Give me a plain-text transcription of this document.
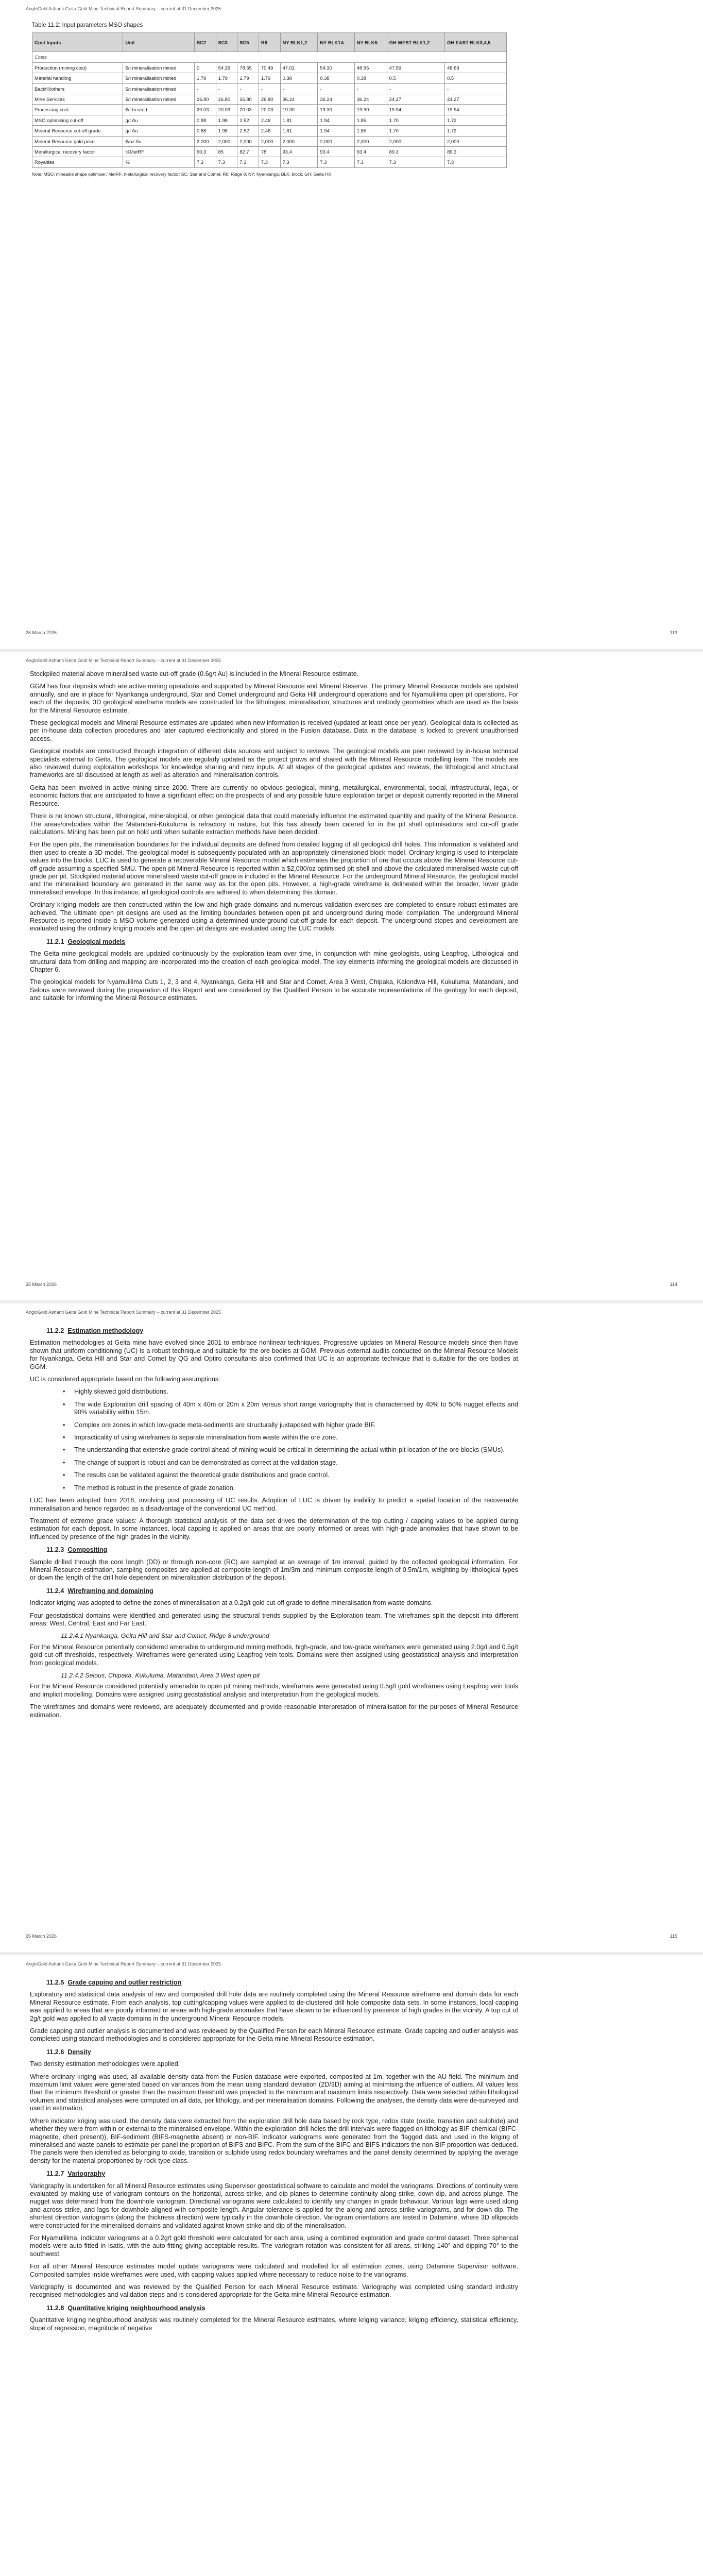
AngloGold Ashanti Geita Gold Mine Technical Report Summary – current at 31 December 2025
Table 11.2: Input parameters MSO shapes
Cost Inputs	Unit	SC2	SC3	SC5	R6	NY BLK1,2	NY BLK1A	NY BLK5	GH WEST BLK1,2	GH EAST BLK3,4,5
Costs										
Production (mining cost)	$/t mineralisation mined	0	54.39	78.55	70.49	47.02	54.30	48.95	47.59	48.69
Material handling	$/t mineralisation mined	1.79	1.79	1.79	1.79	0.38	0.38	0.38	0.5	0.5
Backfill/others	$/t mineralisation mined	-	-	-	-	-	-	-	-	-
Mine Services	$/t mineralisation mined	26.80	26.80	26.80	26.80	36.24	36.24	36.24	24.27	24.27
Processing cost	$/t treated	20.03	20.03	20.03	20.03	19.30	19.30	19.30	19.94	19.94
MSO optimising cut-off	g/t Au	0.88	1.98	2.52	2.46	1.81	1.94	1.85	1.70	1.72
Mineral Resource cut-off grade	g/t Au	0.88	1.98	2.52	2.46	1.81	1.94	1.85	1.70	1.72
Mineral Resource gold price	$/oz Au	2,000	2,000	2,000	2,000	2,000	2,000	2,000	2,000	2,000
Metallurgical recovery factor	%MetRF	90.3	85	82.7	78	93.4	93.4	93.4	89.3	89.3
Royalties	%	7.3	7.3	7.3	7.3	7.3	7.3	7.3	7.3	7.3
Note: MSO: mineable shape optimiser; MetRF: metallurgical recovery factor; SC: Star and Comet; R6: Ridge 8; NY: Nyankanga; BLK: block; GH: Geita Hill.
26 March 2026	113
AngloGold Ashanti Geita Gold Mine Technical Report Summary – current at 31 December 2025

Stockpiled material above mineralised waste cut-off grade (0.6g/t Au) is included in the Mineral Resource estimate.

GGM has four deposits which are active mining operations and supported by Mineral Resource and Mineral Reserve. The primary Mineral Resource models are updated annually, and are in place for Nyankanga underground, Star and Comet underground and Geita Hill underground operations and for Nyamulilima open pit operations. For each of the deposits, 3D geological wireframe models are constructed for the lithologies, mineralisation, structures and orebody geometries which are used as the basis for the Mineral Resource estimate.

These geological models and Mineral Resource estimates are updated when new information is received (updated at least once per year). Geological data is collected as per in-house data collection procedures and later captured electronically and stored in the Fusion database. Data in the database is locked to prevent unauthorised access.

Geological models are constructed through integration of different data sources and subject to reviews. The geological models are peer reviewed by in-house technical specialists external to Geita. The geological models are regularly updated as the project grows and shared with the Mineral Resource modelling team. The models are also reviewed during exploration workshops for knowledge sharing and new inputs. At all stages of the geological updates and reviews, the lithological and structural frameworks are all discussed at length as well as alteration and mineralisation controls.

Geita has been involved in active mining since 2000. There are currently no obvious geological, mining, metallurgical, environmental, social, infrastructural, legal, or economic factors that are anticipated to have a significant effect on the prospects of and any possible future exploration target or deposit currently reported in the Mineral Resource.

There is no known structural, lithological, mineralogical, or other geological data that could materially influence the estimated quantity and quality of the Mineral Resource. The areas/orebodies within the Matandani-Kukuluma is refractory in nature, but this has already been catered for in the pit shell optimisations and cut-off grade calculations. Mining has been put on hold until when suitable extraction methods have been decided.

For the open pits, the mineralisation boundaries for the individual deposits are defined from detailed logging of all geological drill holes. This information is validated and then used to create a 3D model. The geological model is subsequently populated with an appropriately dimensioned block model. Ordinary kriging is used to interpolate values into the blocks. LUC is used to generate a recoverable Mineral Resource model which estimates the proportion of ore that occurs above the Mineral Resource cut-off grade assuming a specified SMU. The open pit Mineral Resource is reported within a $2,000/oz optimised pit shell and above the calculated mineralised waste cut-off grade per pit. Stockpiled material above mineralised waste cut-off grade is included in the Mineral Resource. For the underground Mineral Resource, the geological model and the mineralised boundary are generated in the same way as for the open pits. However, a high-grade wireframe is delineated within the broader, lower grade mineralised envelope. In this instance, all geological controls are adhered to when determining this domain.

Ordinary kriging models are then constructed within the low and high-grade domains and numerous validation exercises are completed to ensure robust estimates are achieved. The ultimate open pit designs are used as the limiting boundaries between open pit and underground during model compilation. The underground Mineral Resource is reported inside a MSO volume generated using a determined underground cut-off grade for each deposit. The underground stopes and development are evaluated using the ordinary kriging models and the open pit designs are evaluated using the LUC models.

11.2.1 Geological models

The Geita mine geological models are updated continuously by the exploration team over time, in conjunction with mine geologists, using Leapfrog. Lithological and structural data from drilling and mapping are incorporated into the creation of each geological model. The key elements informing the geological models are discussed in Chapter 6.

The geological models for Nyamulilima Cuts 1, 2, 3 and 4, Nyankanga, Geita Hill and Star and Comet, Area 3 West, Chipaka, Kalondwa Hill, Kukuluma, Matandani, and Selous were reviewed during the preparation of this Report and are considered by the Qualified Person to be accurate representations of the geology for each deposit, and suitable for informing the Mineral Resource estimates.

26 March 2026	114
AngloGold Ashanti Geita Gold Mine Technical Report Summary – current at 31 December 2025
11.2.2 Estimation methodology

Estimation methodologies at Geita mine have evolved since 2001 to embrace nonlinear techniques. Progressive updates on Mineral Resource models since then have shown that uniform conditioning (UC) is a robust technique and suitable for the ore bodies at GGM. Previous external audits conducted on the Mineral Resource Models for Nyankanga, Geita Hill and Star and Comet by QG and Optiro consultants also confirmed that UC is an appropriate technique that is suitable for the ore bodies at GGM.

UC is considered appropriate based on the following assumptions:

• Highly skewed gold distributions.
• The wide Exploration drill spacing of 40m x 40m or 20m x 20m versus short range variography that is characterised by 40% to 50% nugget effects and 90% variability within 15m.
• Complex ore zones in which low-grade meta-sediments are structurally juxtaposed with higher grade BIF.
• Impracticality of using wireframes to separate mineralisation from waste within the ore zone.
• The understanding that extensive grade control ahead of mining would be critical in determining the actual within-pit location of the ore blocks (SMUs).
• The change of support is robust and can be demonstrated as correct at the validation stage.
• The results can be validated against the theoretical grade distributions and grade control.
• The method is robust in the presence of grade zonation.

LUC has been adopted from 2018, involving post processing of UC results. Adoption of LUC is driven by inability to predict a spatial location of the recoverable mineralisation and hence regarded as a disadvantage of the conventional UC method.

Treatment of extreme grade values: A thorough statistical analysis of the data set drives the determination of the top cutting / capping values to be applied during estimation for each deposit. In some instances, local capping is applied on areas that are poorly informed or areas with high-grade anomalies that have shown to be influenced by presence of the high grades in the vicinity.

11.2.3 Compositing

Sample drilled through the core length (DD) or through non-core (RC) are sampled at an average of 1m interval, guided by the collected geological information. For Mineral Resource estimation, sampling composites are applied at composite length of 1m/3m and minimum composite length of 0.5m/1m, weighting by lithological types or down the length of the drill hole dependent on mineralisation distribution of the deposit.

11.2.4 Wireframing and domaining

Indicator kriging was adopted to define the zones of mineralisation at a 0.2g/t gold cut-off grade to define mineralisation from waste domains.

Four geostatistical domains were identified and generated using the structural trends supplied by the Exploration team. The wireframes split the deposit into different areas: West, Central, East and Far East.

11.2.4.1 Nyankanga, Geita Hill and Star and Comet, Ridge 8 underground

For the Mineral Resource potentially considered amenable to underground mining methods, high-grade, and low-grade wireframes were generated using 2.0g/t and 0.5g/t gold cut-off thresholds, respectively. Wireframes were generated using Leapfrog vein tools. Domains were then assigned using geostatistical analysis and interpretation from geological models.

11.2.4.2 Selous, Chipaka, Kukuluma, Matandani, Area 3 West open pit

For the Mineral Resource considered potentially amenable to open pit mining methods, wireframes were generated using 0.5g/t gold wireframes using Leapfrog vein tools and implicit modelling. Domains were assigned using geostatistical analysis and interpretation from the geological models.

The wireframes and domains were reviewed, are adequately documented and provide reasonable interpretation of mineralisation for the purposes of Mineral Resource estimation.

26 March 2026	115
AngloGold Ashanti Geita Gold Mine Technical Report Summary – current at 31 December 2025
11.2.5 Grade capping and outlier restriction

Exploratory and statistical data analysis of raw and composited drill hole data are routinely completed using the Mineral Resource wireframe and domain data for each Mineral Resource estimate. From each analysis, top cutting/capping values were applied to de-clustered drill hole composite data sets. In some instances, local capping was applied to areas that are poorly informed or areas with high-grade anomalies that have shown to be influenced by presence of high grades in the vicinity. A top cut of 2g/t gold was applied to all waste domains in the underground Mineral Resource models.

Grade capping and outlier analysis is documented and was reviewed by the Qualified Person for each Mineral Resource estimate. Grade capping and outlier analysis was completed using standard methodologies and is considered appropriate for the Geita mine Mineral Resource estimation.

11.2.6 Density

Two density estimation methodologies were applied.

Where ordinary kriging was used, all available density data from the Fusion database were exported, composited at 1m, together with the AU field. The minimum and maximum limit values were generated based on variances from the mean using standard deviation (2D/3D) aiming at minimising the influence of outliers. All values less than the minimum threshold or greater than the maximum threshold was projected to the minimum and maximum limits respectively. Data were selected within lithological volumes and statistical analyses were computed on all data, per lithology, and per mineralisation domains. Following the analyses, the density data were de-surveyed and used in estimation.

Where indicator kriging was used, the density data were extracted from the exploration drill hole data based by rock type, redox state (oxide, transition and sulphide) and whether they were from within or external to the mineralised envelope. Within the exploration drill holes the drill intervals were flagged on lithology as BIF-chemical (BIFC-magnetite, chert present)), BIF-sediment (BIFS-magnetite absent) or non-BIF. Indicator variograms were generated from the flagged data and used in the kriging of mineralised and waste panels to estimate per panel the proportion of BIFS and BIFC. From the sum of the BIFC and BIFS indicators the non-BIF proportion was deduced. The panels were then identified as belonging to oxide, transition or sulphide using redox boundary wireframes and the panel density determined by applying the average density for the material proportioned by rock type class.

11.2.7 Variography

Variography is undertaken for all Mineral Resource estimates using Supervisor geostatistical software to calculate and model the variograms. Directions of continuity were evaluated by making use of variogram contours on the horizontal, across-strike, and dip planes to determine continuity along strike, down dip, and across plunge. The nugget was determined from the downhole variogram. Directional variograms were calculated to identify any changes in grade behaviour. Various lags were used along and across strike, and lags for downhole aligned with composite length. Angular tolerance is applied for the along and across strike variograms, and for down dip. The shortest direction variograms (along the thickness direction) were typically in the downhole direction. Variogram orientations are tested in Datamine, where 3D ellipsoids were constructed for the mineralised domains and validated against known strike and dip of the mineralisation.

For Nyamulilima, indicator variograms at a 0.2g/t gold threshold were calculated for each area, using a combined exploration and grade control dataset. Three spherical models were auto-fitted in Isatis, with the auto-fitting giving acceptable results. The variogram rotation was consistent for all areas, striking 140° and dipping 70° to the southwest.

For all other Mineral Resource estimates model update variograms were calculated and modelled for all estimation zones, using Datamine Supervisor software. Composited samples inside wireframes were used, with capping values applied where necessary to reduce noise to the variograms.

Variography is documented and was reviewed by the Qualified Person for each Mineral Resource estimate. Variography was completed using standard industry recognised methodologies and validation steps and is considered appropriate for the Geita mine Mineral Resource estimation.

11.2.8 Quantitative kriging neighbourhood analysis

Quantitative kriging neighbourhood analysis was routinely completed for the Mineral Resource estimates, where kriging variance, kriging efficiency, statistical efficiency, slope of regression, magnitude of negative
